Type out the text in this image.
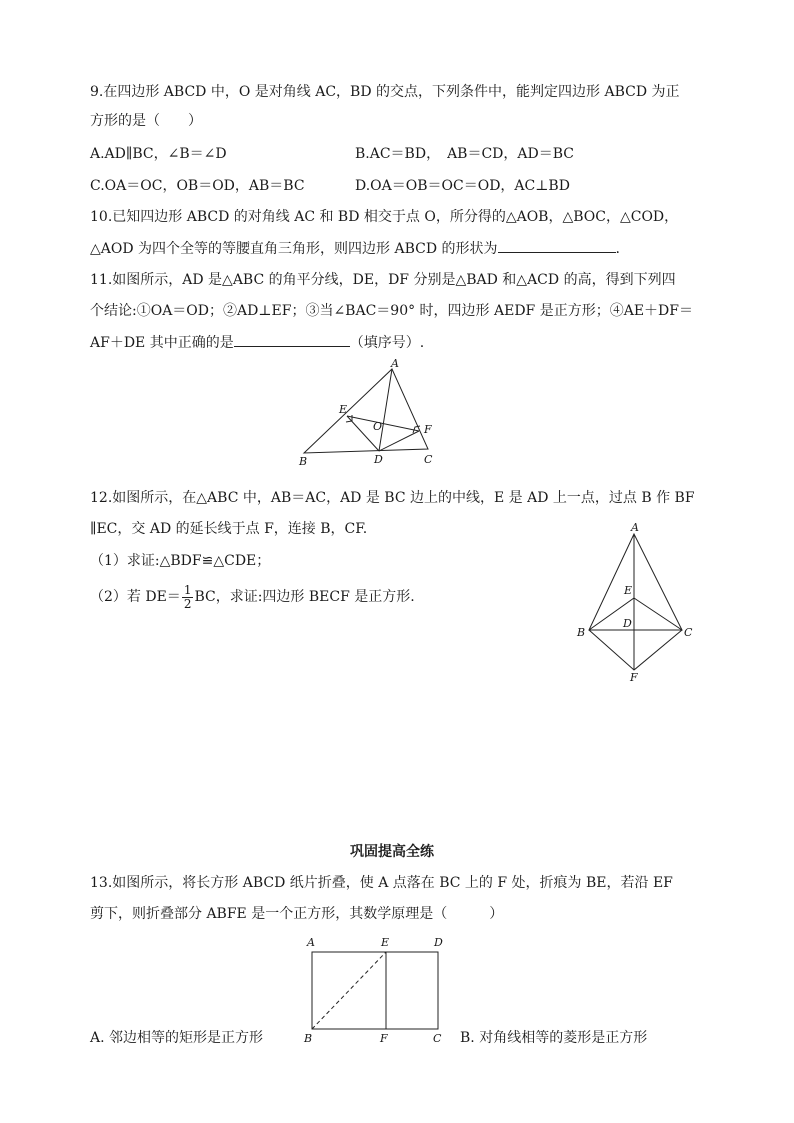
9.在四边形 ABCD 中，O 是对角线 AC，BD 的交点，下列条件中，能判定四边形 ABCD 为正
方形的是（　　）
A.AD∥BC，∠B＝∠D	B.AC＝BD，　AB＝CD，AD＝BC
C.OA＝OC，OB＝OD，AB＝BC	D.OA＝OB＝OC＝OD，AC⊥BD
10.已知四边形 ABCD 的对角线 AC 和 BD 相交于点 O，所分得的△AOB，△BOC，△COD，
△AOD 为四个全等的等腰直角三角形，则四边形 ABCD 的形状为	.
11.如图所示，AD 是△ABC 的角平分线，DE，DF 分别是△BAD 和△ACD 的高，得到下列四
个结论:①OA＝OD；②AD⊥EF；③当∠BAC＝90° 时，四边形 AEDF 是正方形；④AE＋DF＝
AF＋DE 其中正确的是	（填序号）.
A
B	C
D
E
F
O
12.如图所示，在△ABC 中，AB＝AC，AD 是 BC 边上的中线，E 是 AD 上一点，过点 B 作 BF
∥EC，交 AD 的延长线于点 F，连接 B，CF.
（1）求证:△BDF≌△CDE；
（2）若 $DE= \frac{1}{2}$ BC，求证:四边形 BECF 是正方形.
A
B	C
D
E
F
巩固提高全练
13.如图所示，将长方形 ABCD 纸片折叠，使 A 点落在 BC 上的 F 处，折痕为 BE，若沿 EF
剪下，则折叠部分 ABFE 是一个正方形，其数学原理是（　　　）
A	E	D
B	F	C
A. 邻边相等的矩形是正方形	B. 对角线相等的菱形是正方形
